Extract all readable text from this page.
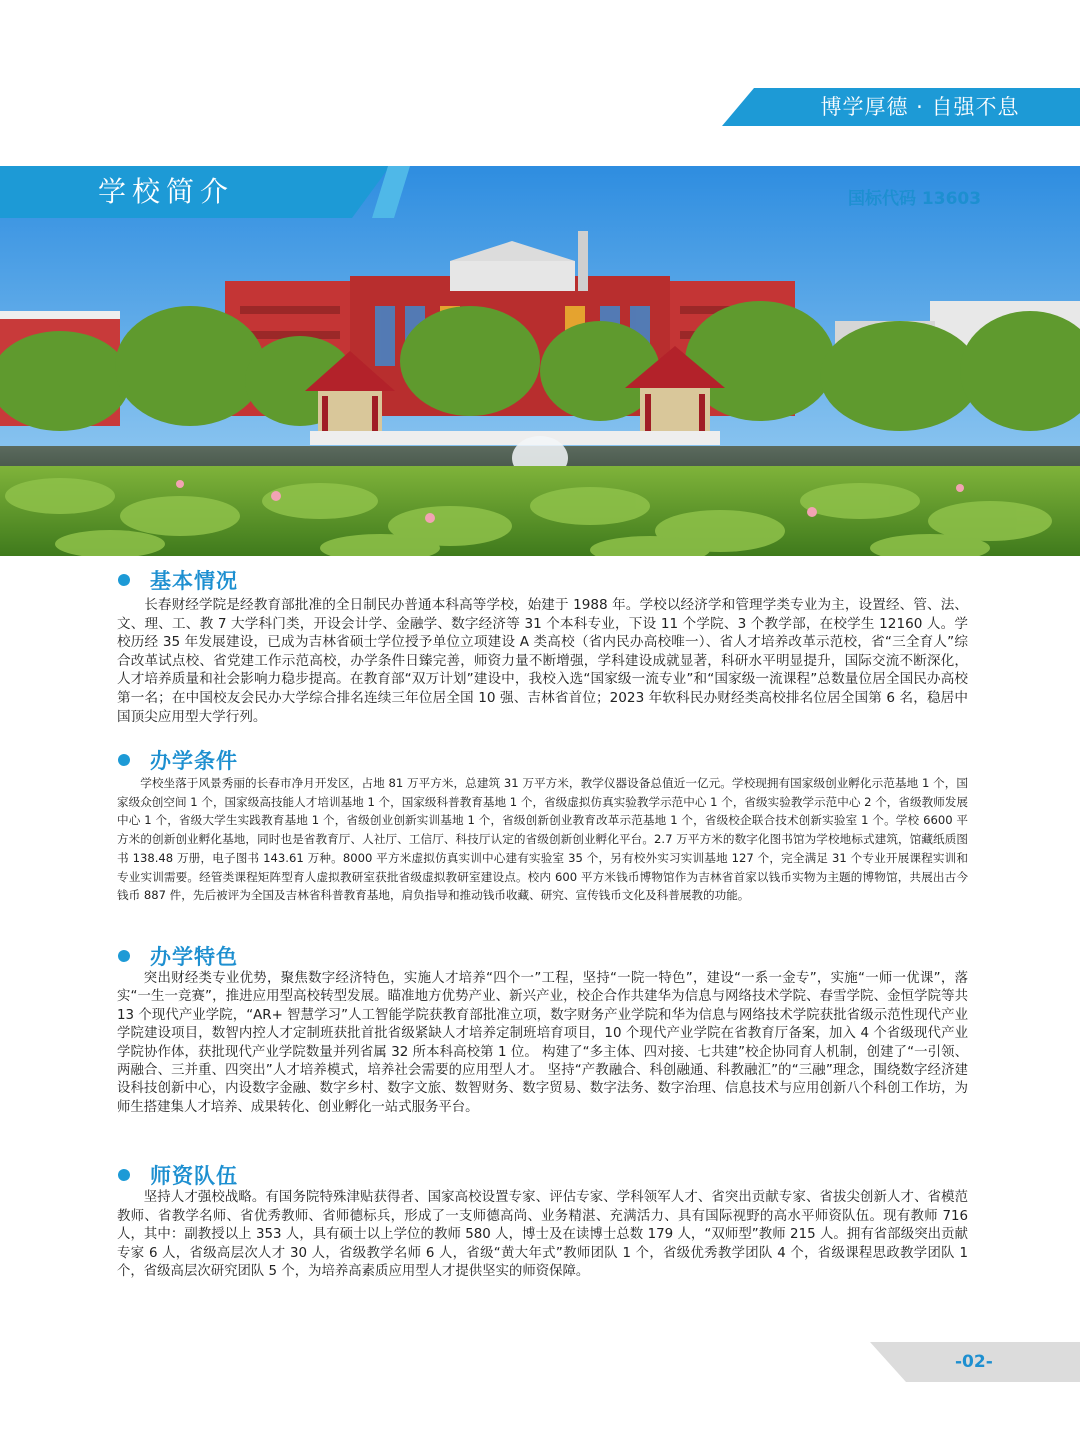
博学厚德 · 自强不息
学校简介	国标代码 13603
基本情况
长春财经学院是经教育部批准的全日制民办普通本科高等学校，始建于 1988 年。学校以经济学和管理学类专业为主，设置经、管、法、文、理、工、教 7 大学科门类，开设会计学、金融学、数字经济等 31 个本科专业，下设 11 个学院、3 个教学部，在校学生 12160 人。学校历经 35 年发展建设，已成为吉林省硕士学位授予单位立项建设 A 类高校（省内民办高校唯一）、省人才培养改革示范校，省“三全育人”综合改革试点校、省党建工作示范高校，办学条件日臻完善，师资力量不断增强，学科建设成就显著，科研水平明显提升，国际交流不断深化，人才培养质量和社会影响力稳步提高。在教育部“双万计划”建设中，我校入选“国家级一流专业”和“国家级一流课程”总数量位居全国民办高校第一名；在中国校友会民办大学综合排名连续三年位居全国 10 强、吉林省首位；2023 年软科民办财经类高校排名位居全国第 6 名，稳居中国顶尖应用型大学行列。
办学条件
学校坐落于风景秀丽的长春市净月开发区，占地 81 万平方米，总建筑 31 万平方米，教学仪器设备总值近一亿元。学校现拥有国家级创业孵化示范基地 1 个，国家级众创空间 1 个，国家级高技能人才培训基地 1 个，国家级科普教育基地 1 个，省级虚拟仿真实验教学示范中心 1 个，省级实验教学示范中心 2 个，省级教师发展中心 1 个，省级大学生实践教育基地 1 个，省级创业创新实训基地 1 个，省级创新创业教育改革示范基地 1 个，省级校企联合技术创新实验室 1 个。学校 6600 平方米的创新创业孵化基地，同时也是省教育厅、人社厅、工信厅、科技厅认定的省级创新创业孵化平台。2.7 万平方米的数字化图书馆为学校地标式建筑，馆藏纸质图书 138.48 万册，电子图书 143.61 万种。8000 平方米虚拟仿真实训中心建有实验室 35 个，另有校外实习实训基地 127 个，完全满足 31 个专业开展课程实训和专业实训需要。经管类课程矩阵型育人虚拟教研室获批省级虚拟教研室建设点。校内 600 平方米钱币博物馆作为吉林省首家以钱币实物为主题的博物馆，共展出古今钱币 887 件，先后被评为全国及吉林省科普教育基地，肩负指导和推动钱币收藏、研究、宣传钱币文化及科普展教的功能。
办学特色
突出财经类专业优势，聚焦数字经济特色，实施人才培养“四个一”工程，坚持“一院一特色”，建设“一系一金专”，实施“一师一优课”，落实“一生一竞赛”，推进应用型高校转型发展。瞄准地方优势产业、新兴产业，校企合作共建华为信息与网络技术学院、春雪学院、金恒学院等共 13 个现代产业学院，“AR+ 智慧学习”人工智能学院获教育部批准立项，数字财务产业学院和华为信息与网络技术学院获批省级示范性现代产业学院建设项目，数智内控人才定制班获批首批省级紧缺人才培养定制班培育项目，10 个现代产业学院在省教育厅备案，加入 4 个省级现代产业学院协作体，获批现代产业学院数量并列省属 32 所本科高校第 1 位。 构建了“多主体、四对接、七共建”校企协同育人机制，创建了“一引领、两融合、三并重、四突出”人才培养模式，培养社会需要的应用型人才。 坚持“产教融合、科创融通、科教融汇”的“三融”理念，围绕数字经济建设科技创新中心，内设数字金融、数字乡村、数字文旅、数智财务、数字贸易、数字法务、数字治理、信息技术与应用创新八个科创工作坊，为师生搭建集人才培养、成果转化、创业孵化一站式服务平台。
师资队伍
坚持人才强校战略。有国务院特殊津贴获得者、国家高校设置专家、评估专家、学科领军人才、省突出贡献专家、省拔尖创新人才、省模范教师、省教学名师、省优秀教师、省师德标兵，形成了一支师德高尚、业务精湛、充满活力、具有国际视野的高水平师资队伍。现有教师 716 人，其中：副教授以上 353 人，具有硕士以上学位的教师 580 人，博士及在读博士总数 179 人，“双师型”教师 215 人。拥有省部级突出贡献专家 6 人，省级高层次人才 30 人，省级教学名师 6 人，省级“黄大年式”教师团队 1 个，省级优秀教学团队 4 个，省级课程思政教学团队 1 个，省级高层次研究团队 5 个，为培养高素质应用型人才提供坚实的师资保障。
-02-
